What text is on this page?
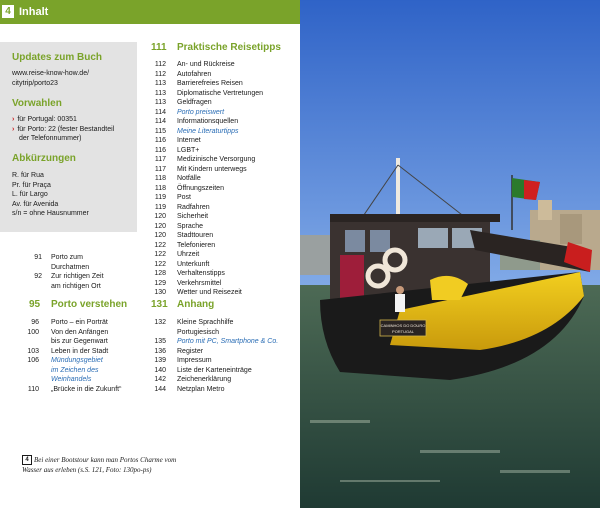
4 Inhalt
Updates zum Buch
www.reise-know-how.de/
citytrip/porto23
Vorwahlen
› für Portugal: 00351
› für Porto: 22 (fester Bestandteil
der Telefonnummer)
Abkürzungen
R. für Rua
Pr. für Praça
L. für Largo
Av. für Avenida
s/n = ohne Hausnummer
91 Porto zum
Durchatmen
92 Zur richtigen Zeit
am richtigen Ort
95 Porto verstehen
96 Porto – ein Porträt
100 Von den Anfängen
bis zur Gegenwart
103 Leben in der Stadt
106 Mündungsgebiet
im Zeichen des
Weinhandels
110 „Brücke in die Zukunft“
111 Praktische Reisetipps
112 An- und Rückreise
112 Autofahren
113 Barrierefreies Reisen
113 Diplomatische Vertretungen
113 Geldfragen
114 Porto preiswert
114 Informationsquellen
115 Meine Literaturtipps
116 Internet
116 LGBT+
117 Medizinische Versorgung
117 Mit Kindern unterwegs
118 Notfälle
118 Öffnungszeiten
119 Post
119 Radfahren
120 Sicherheit
120 Sprache
120 Stadttouren
122 Telefonieren
122 Uhrzeit
122 Unterkunft
128 Verhaltenstipps
129 Verkehrsmittel
130 Wetter und Reisezeit
131 Anhang
132 Kleine Sprachhilfe
Portugiesisch
135 Porto mit PC, Smartphone & Co.
136 Register
139 Impressum
140 Liste der Karteneinträge
142 Zeichenerklärung
144 Netzplan Metro
Bei einer Bootstour kann man Portos Charme vom Wasser aus erleben (s.S. 121, Foto: 130po-ps)
4
CAMINHOS DO DOURO
PORTUGAL
